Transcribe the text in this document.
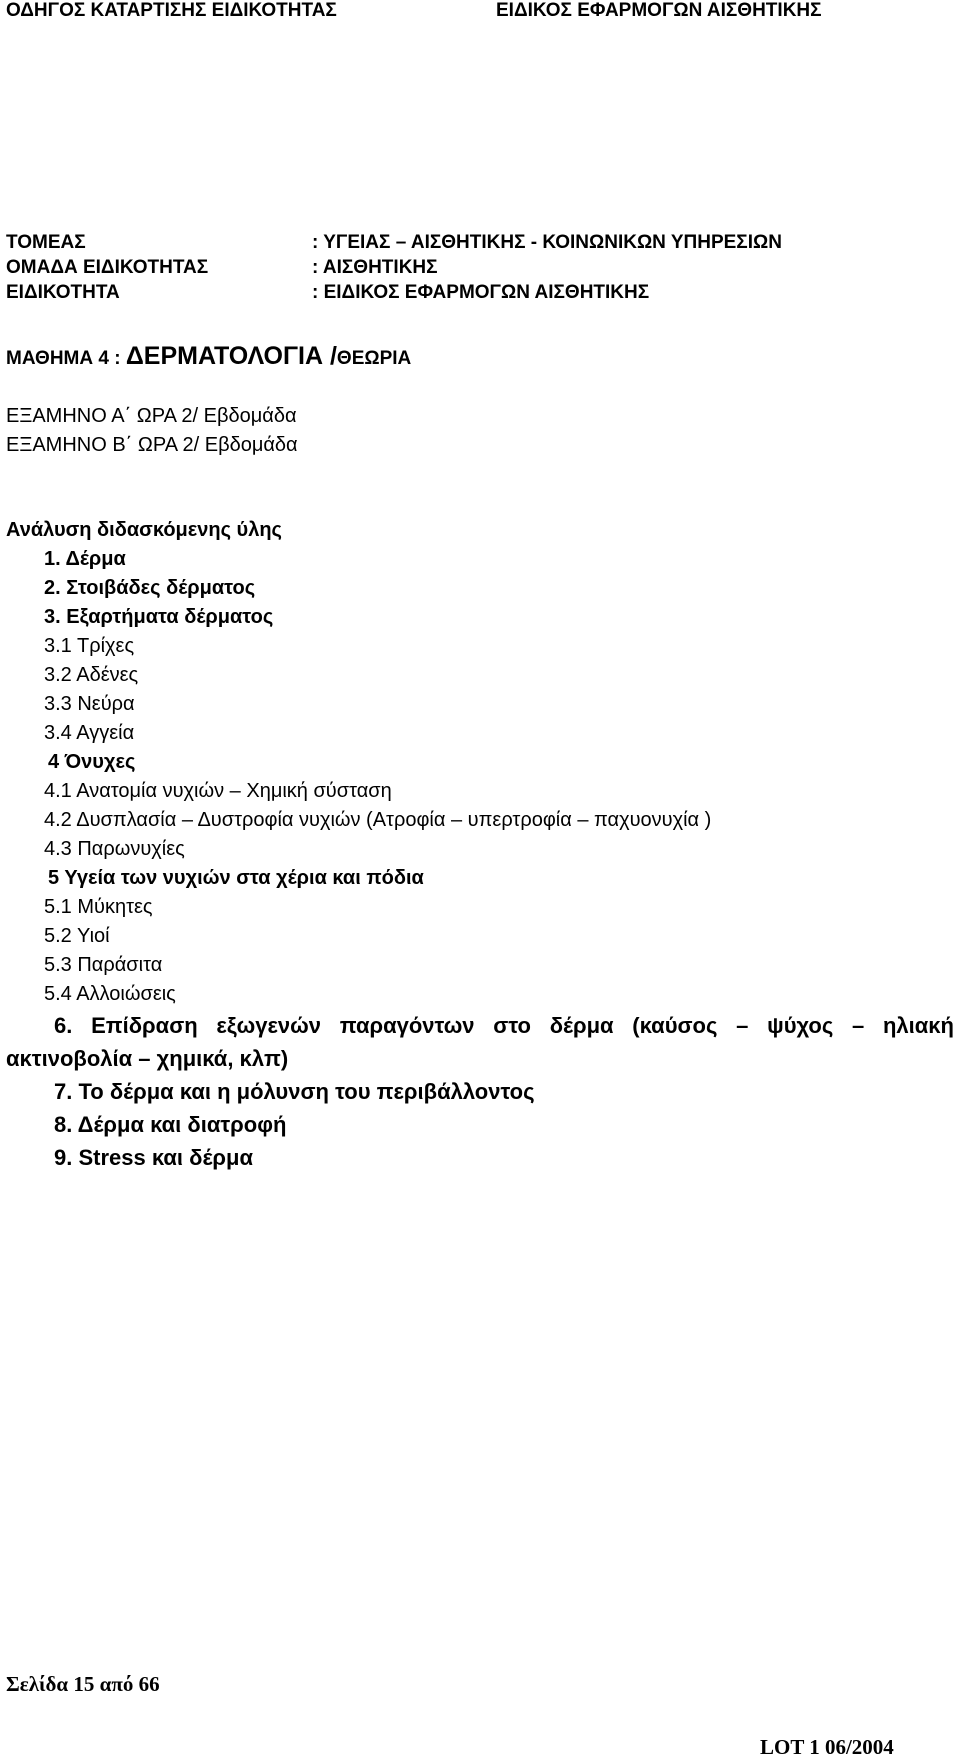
ΟΔΗΓΟΣ ΚΑΤΑΡΤΙΣΗΣ ΕΙΔΙΚΟΤΗΤΑΣ	ΕΙΔΙΚΟΣ ΕΦΑΡΜΟΓΩΝ ΑΙΣΘΗΤΙΚΗΣ
ΤΟΜΕΑΣ
ΟΜΑΔΑ ΕΙΔΙΚΟΤΗΤΑΣ
ΕΙΔΙΚΟΤΗΤΑ
: ΥΓΕΙΑΣ – ΑΙΣΘΗΤΙΚΗΣ - ΚΟΙΝΩΝΙΚΩΝ ΥΠΗΡΕΣΙΩΝ
: ΑΙΣΘΗΤΙΚΗΣ
: ΕΙΔΙΚΟΣ ΕΦΑΡΜΟΓΩΝ ΑΙΣΘΗΤΙΚΗΣ
ΜΑΘΗΜΑ 4 : ΔΕΡΜΑΤΟΛΟΓΙΑ /ΘΕΩΡΙΑ
ΕΞΑΜΗΝΟ Α΄ ΩΡΑ 2/ Εβδομάδα
ΕΞΑΜΗΝΟ Β΄ ΩΡΑ 2/ Εβδομάδα
Ανάλυση διδασκόμενης ύλης
1. Δέρμα
2. Στοιβάδες δέρματος
3. Εξαρτήματα δέρματος
3.1 Τρίχες
3.2 Αδένες
3.3 Νεύρα
3.4 Αγγεία
4 Όνυχες
4.1 Ανατομία νυχιών – Χημική σύσταση
4.2 Δυσπλασία – Δυστροφία νυχιών (Ατροφία – υπερτροφία – παχυονυχία )
4.3 Παρωνυχίες
5 Υγεία των νυχιών στα χέρια και πόδια
5.1 Μύκητες
5.2 Υιοί
5.3 Παράσιτα
5.4 Αλλοιώσεις
6. Επίδραση εξωγενών παραγόντων στο δέρμα (καύσος – ψύχος – ηλιακή ακτινοβολία – χημικά, κλπ)
7. Το δέρμα και η μόλυνση του περιβάλλοντος
8. Δέρμα και διατροφή
9. Stress και δέρμα
Σελίδα 15 από 66
LOT 1 06/2004
